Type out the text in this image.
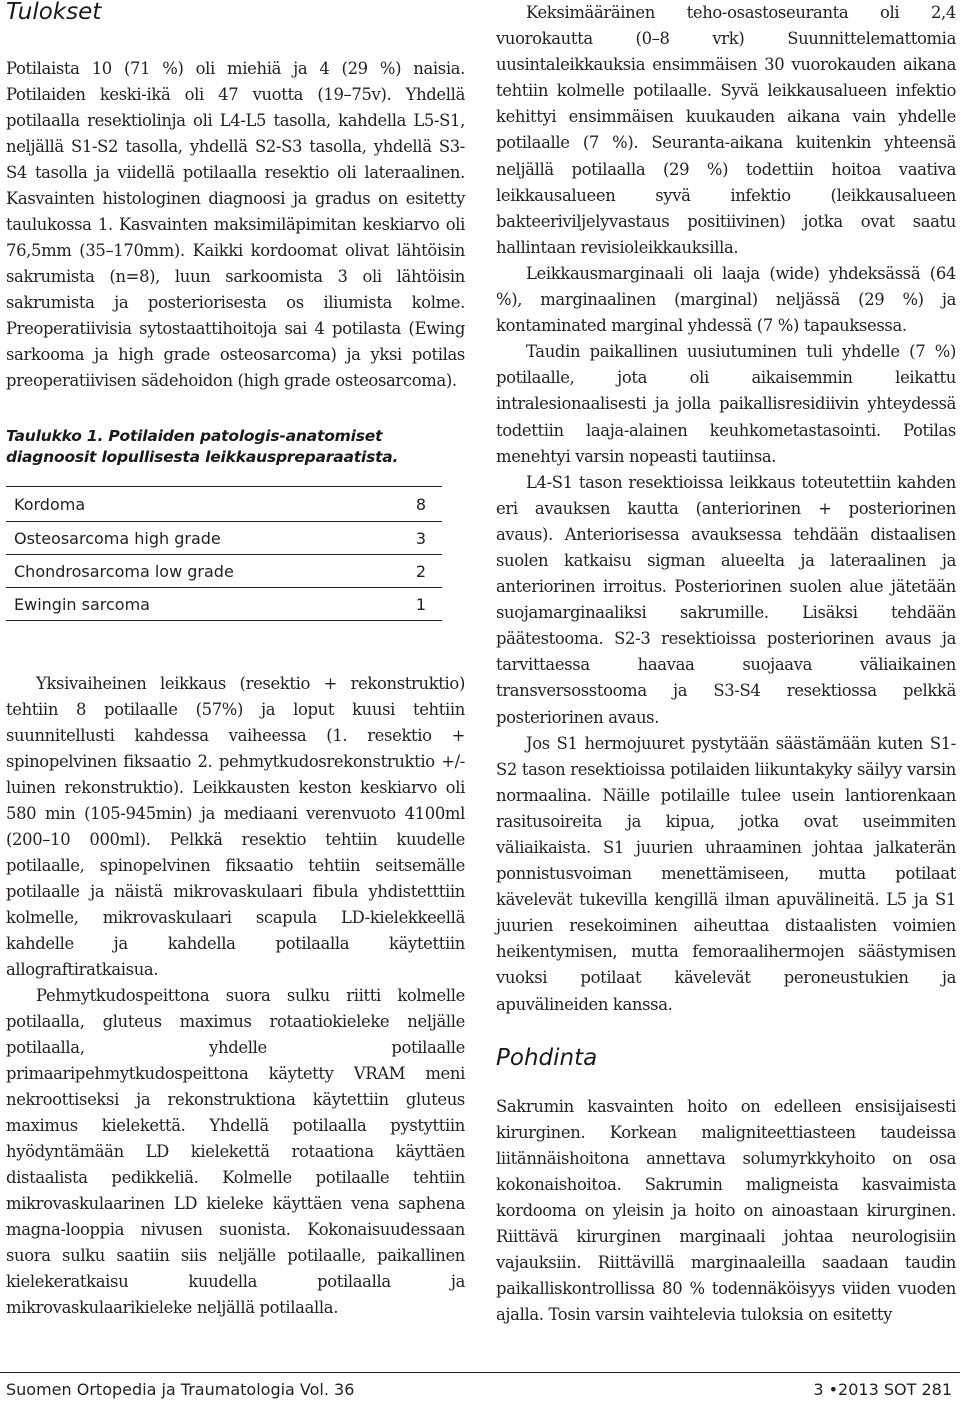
Tulokset

Potilaista 10 (71 %) oli miehiä ja 4 (29 %) naisia. Potilaiden keski-ikä oli 47 vuotta (19–75v). Yhdellä potilaalla resektiolinja oli L4-L5 tasolla, kahdella L5-S1, neljällä S1-S2 tasolla, yhdellä S2-S3 tasolla, yhdellä S3-S4 tasolla ja viidellä potilaalla resektio oli lateraalinen. Kasvainten histologinen diagnoosi ja gradus on esitetty taulukossa 1. Kasvainten maksimiläpimitan keskiarvo oli 76,5mm (35–170mm). Kaikki kordoomat olivat lähtöisin sakrumista (n=8), luun sarkoomista 3 oli lähtöisin sakrumista ja posteriorisesta os iliumista kolme. Preoperatiivisia sytostaattihoitoja sai 4 potilasta (Ewing sarkooma ja high grade osteosarcoma) ja yksi potilas preoperatiivisen sädehoidon (high grade osteosarcoma).

Taulukko 1. Potilaiden patologis-anatomiset diagnoosit lopullisesta leikkauspreparaatista.
Kordoma	8
Osteosarcoma high grade	3
Chondrosarcoma low grade	2
Ewingin sarcoma	1

Yksivaiheinen leikkaus (resektio + rekonstruktio) tehtiin 8 potilaalle (57%) ja loput kuusi tehtiin suunnitellusti kahdessa vaiheessa (1. resektio + spinopelvinen fiksaatio 2. pehmytkudosrekonstruktio +/- luinen rekonstruktio). Leikkausten keston keskiarvo oli 580 min (105-945min) ja mediaani verenvuoto 4100ml (200–10 000ml). Pelkkä resektio tehtiin kuudelle potilaalle, spinopelvinen fiksaatio tehtiin seitsemälle potilaalle ja näistä mikrovaskulaari fibula yhdistetttiin kolmelle, mikrovaskulaari scapula LD-kielekkeellä kahdelle ja kahdella potilaalla käytettiin allograftiratkaisua.

Pehmytkudospeittona suora sulku riitti kolmelle potilaalla, gluteus maximus rotaatiokieleke neljälle potilaalla, yhdelle potilaalle primaaripehmytkudospeittona käytetty VRAM meni nekroottiseksi ja rekonstruktiona käytettiin gluteus maximus kielekettä. Yhdellä potilaalla pystyttiin hyödyntämään LD kielekettä rotaationa käyttäen distaalista pedikkeliä. Kolmelle potilaalle tehtiin mikrovaskulaarinen LD kieleke käyttäen vena saphena magna-looppia nivusen suonista. Kokonaisuudessaan suora sulku saatiin siis neljälle potilaalle, paikallinen kielekeratkaisu kuudella potilaalla ja mikrovaskulaarikieleke neljällä potilaalla.

Keksimääräinen teho-osastoseuranta oli 2,4 vuorokautta (0–8 vrk) Suunnittelemattomia uusintaleikkauksia ensimmäisen 30 vuorokauden aikana tehtiin kolmelle potilaalle. Syvä leikkausalueen infektio kehittyi ensimmäisen kuukauden aikana vain yhdelle potilaalle (7 %). Seuranta-aikana kuitenkin yhteensä neljällä potilaalla (29 %) todettiin hoitoa vaativa leikkausalueen syvä infektio (leikkausalueen bakteeriviljelyvastaus positiivinen) jotka ovat saatu hallintaan revisioleikkauksilla.

Leikkausmarginaali oli laaja (wide) yhdeksässä (64 %), marginaalinen (marginal) neljässä (29 %) ja kontaminated marginal yhdessä (7 %) tapauksessa.

Taudin paikallinen uusiutuminen tuli yhdelle (7 %) potilaalle, jota oli aikaisemmin leikattu intralesionaalisesti ja jolla paikallisresidiivin yhteydessä todettiin laaja-alainen keuhkometastasointi. Potilas menehtyi varsin nopeasti tautiinsa.

L4-S1 tason resektioissa leikkaus toteutettiin kahden eri avauksen kautta (anteriorinen + posteriorinen avaus). Anteriorisessa avauksessa tehdään distaalisen suolen katkaisu sigman alueelta ja lateraalinen ja anteriorinen irroitus. Posteriorinen suolen alue jätetään suojamarginaaliksi sakrumille. Lisäksi tehdään päätestooma. S2-3 resektioissa posteriorinen avaus ja tarvittaessa haavaa suojaava väliaikainen transversosstooma ja S3-S4 resektiossa pelkkä posteriorinen avaus.

Jos S1 hermojuuret pystytään säästämään kuten S1-S2 tason resektioissa potilaiden liikuntakyky säilyy varsin normaalina. Näille potilaille tulee usein lantiorenkaan rasitusoireita ja kipua, jotka ovat useimmiten väliaikaista. S1 juurien uhraaminen johtaa jalkaterän ponnistusvoiman menettämiseen, mutta potilaat kävelevät tukevilla kengillä ilman apuvälineitä. L5 ja S1 juurien resekoiminen aiheuttaa distaalisten voimien heikentymisen, mutta femoraalihermojen säästymisen vuoksi potilaat kävelevät peroneustukien ja apuvälineiden kanssa.

Pohdinta

Sakrumin kasvainten hoito on edelleen ensisijaisesti kirurginen. Korkean maligniteettiasteen taudeissa liitännäishoitona annettava solumyrkkyhoito on osa kokonaishoitoa. Sakrumin maligneista kasvaimista kordooma on yleisin ja hoito on ainoastaan kirurginen. Riittävä kirurginen marginaali johtaa neurologisiin vajauksiin. Riittävillä marginaaleilla saadaan taudin paikalliskontrollissa 80 % todennäköisyys viiden vuoden ajalla. Tosin varsin vaihtelevia tuloksia on esitetty

Suomen Ortopedia ja Traumatologia Vol. 36	3 •2013 SOT 281
